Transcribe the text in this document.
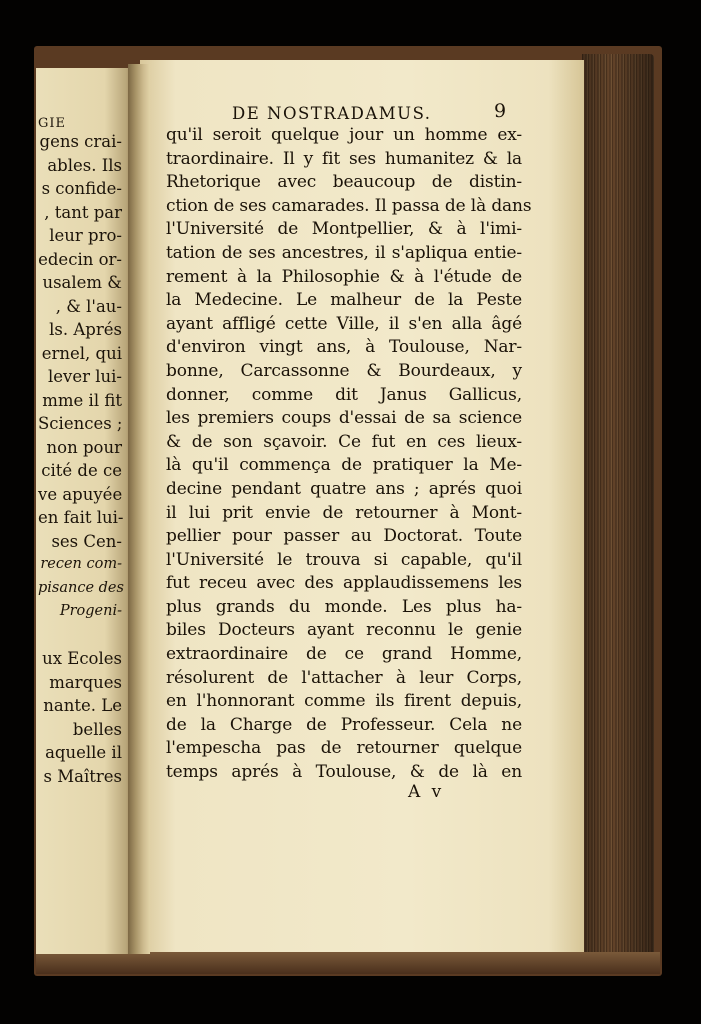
GIE

gens crai-
ables. Ils
s confide-
, tant par
leur pro-
edecin or-
usalem &
, & l'au-
ls. Aprés
ernel, qui
lever lui-
mme il fit
Sciences ;
non pour
cité de ce
ve apuyée
en fait lui-
ses Cen-
recen com-
pisance des
Progeni-
ux Ecoles
marques
nante. Le
belles
aquelle il
s Maîtres

DE NOSTRADAMUS.	9

qu'il seroit quelque jour un homme ex-
traordinaire. Il y fit ses humanitez & la
Rhetorique avec beaucoup de distin-
ction de ses camarades. Il passa de là dans
l'Université de Montpellier, & à l'imi-
tation de ses ancestres, il s'apliqua entie-
rement à la Philosophie & à l'étude de
la Medecine. Le malheur de la Peste
ayant affligé cette Ville, il s'en alla âgé
d'environ vingt ans, à Toulouse, Nar-
bonne, Carcassonne & Bourdeaux, y
donner, comme dit Janus Gallicus,
les premiers coups d'essai de sa science
& de son sçavoir. Ce fut en ces lieux-
là qu'il commença de pratiquer la Me-
decine pendant quatre ans ; aprés quoi
il lui prit envie de retourner à Mont-
pellier pour passer au Doctorat. Toute
l'Université le trouva si capable, qu'il
fut receu avec des applaudissemens les
plus grands du monde. Les plus ha-
biles Docteurs ayant reconnu le genie
extraordinaire de ce grand Homme,
résolurent de l'attacher à leur Corps,
en l'honnorant comme ils firent depuis,
de la Charge de Professeur. Cela ne
l'empescha pas de retourner quelque
temps aprés à Toulouse, & de là en

A v
